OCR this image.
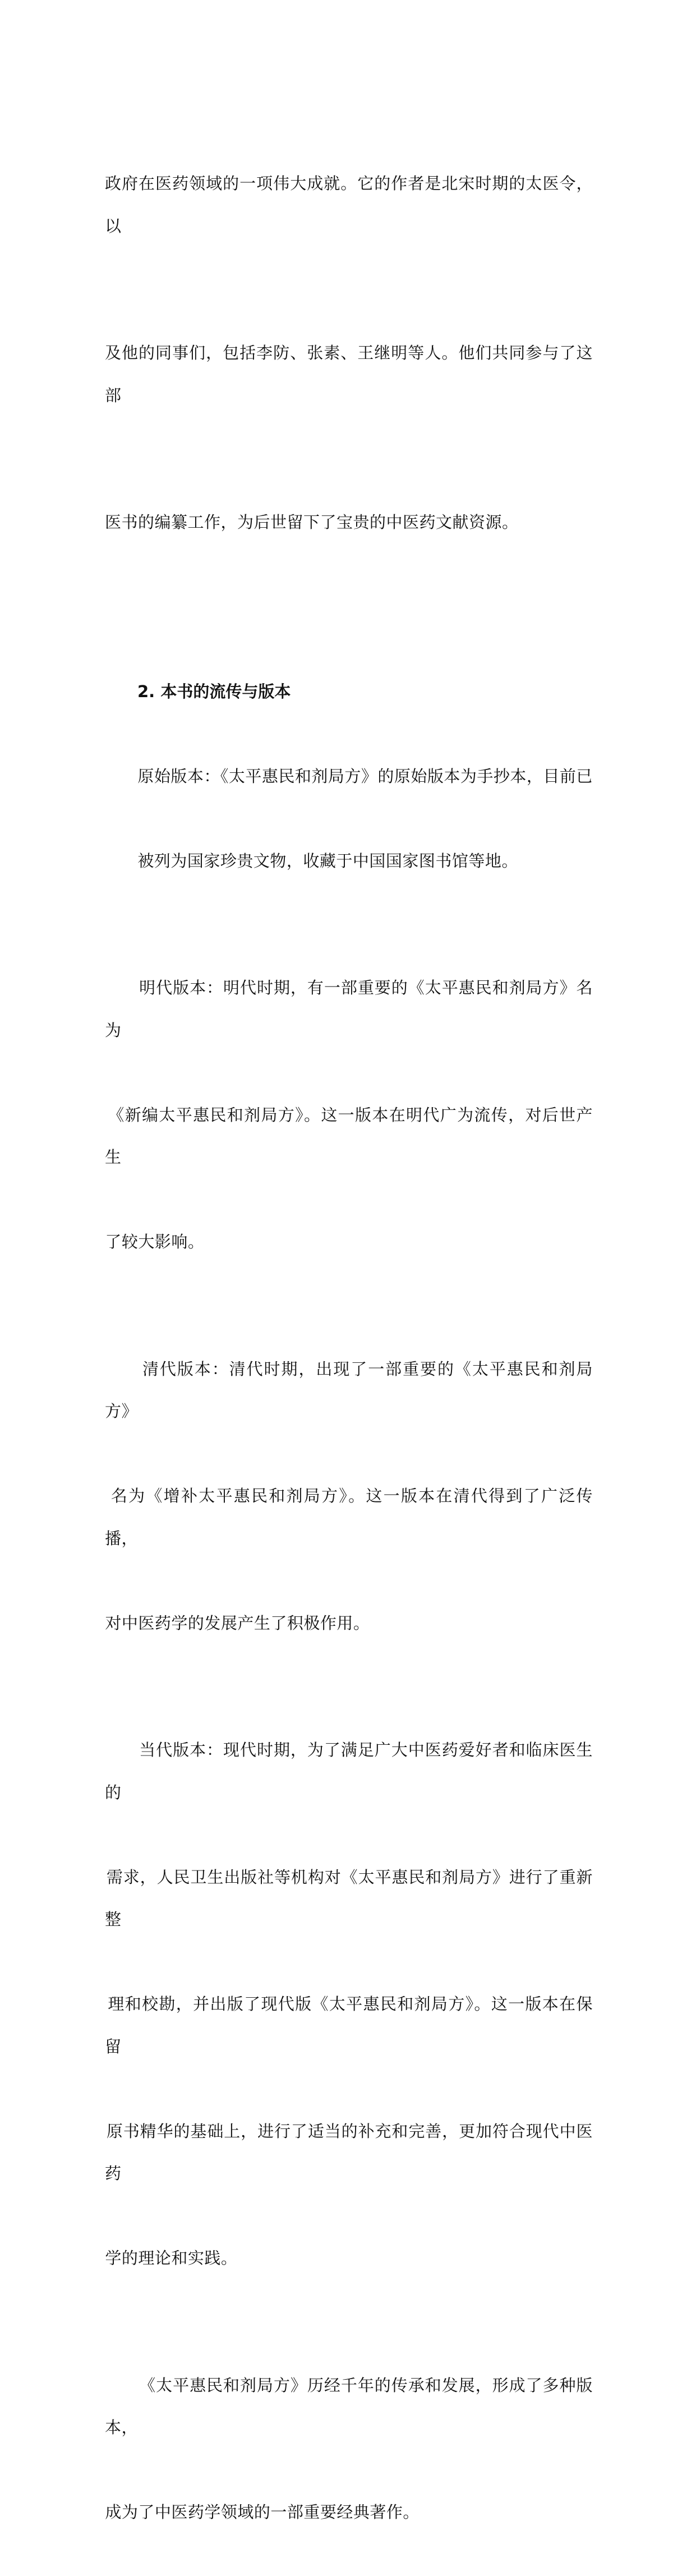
政府在医药领域的一项伟大成就。它的作者是北宋时期的太医令，以

及他的同事们，包括李防、张素、王继明等人。他们共同参与了这部

医书的编纂工作，为后世留下了宝贵的中医药文献资源。

2. 本书的流传与版本

原始版本：《太平惠民和剂局方》的原始版本为手抄本，目前已

被列为国家珍贵文物，收藏于中国国家图书馆等地。

明代版本：明代时期，有一部重要的《太平惠民和剂局方》名为

《新编太平惠民和剂局方》。这一版本在明代广为流传，对后世产生

了较大影响。

清代版本：清代时期，出现了一部重要的《太平惠民和剂局方》

名为《增补太平惠民和剂局方》。这一版本在清代得到了广泛传播，

对中医药学的发展产生了积极作用。

当代版本：现代时期，为了满足广大中医药爱好者和临床医生的

需求，人民卫生出版社等机构对《太平惠民和剂局方》进行了重新整

理和校勘，并出版了现代版《太平惠民和剂局方》。这一版本在保留

原书精华的基础上，进行了适当的补充和完善，更加符合现代中医药

学的理论和实践。

《太平惠民和剂局方》历经千年的传承和发展，形成了多种版本，

成为了中医药学领域的一部重要经典著作。
